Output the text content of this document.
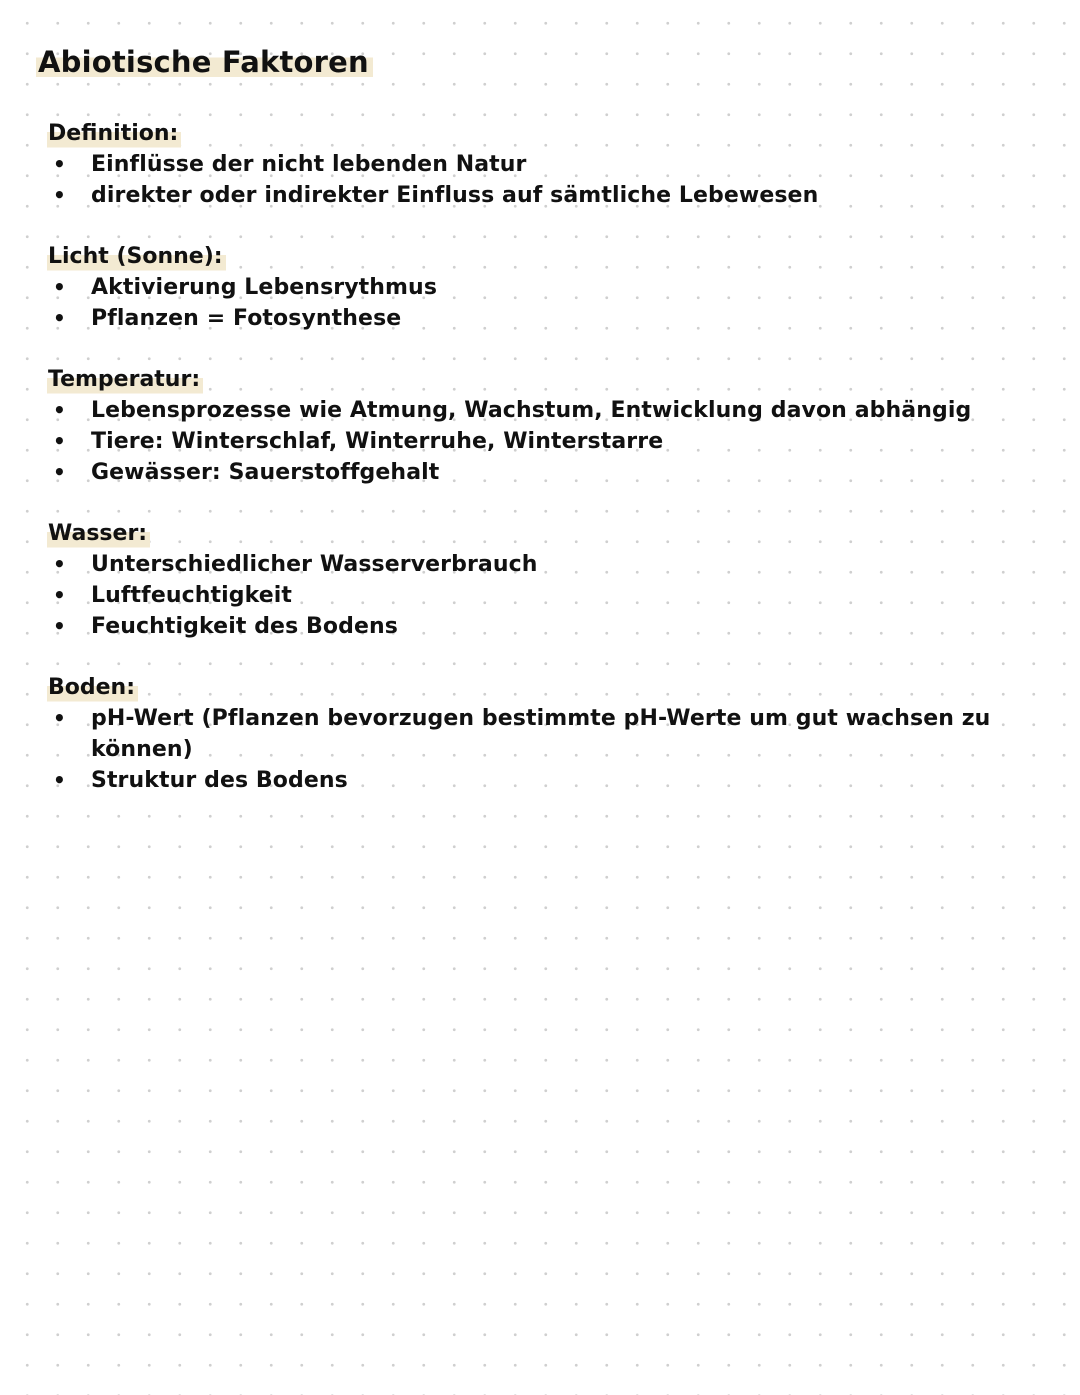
Abiotische Faktoren
Definition:
• Einflüsse der nicht lebenden Natur
• direkter oder indirekter Einfluss auf sämtliche Lebewesen
Licht (Sonne):
• Aktivierung Lebensrythmus
• Pflanzen = Fotosynthese
Temperatur:
• Lebensprozesse wie Atmung, Wachstum, Entwicklung davon abhängig
• Tiere: Winterschlaf, Winterruhe, Winterstarre
• Gewässer: Sauerstoffgehalt
Wasser:
• Unterschiedlicher Wasserverbrauch
• Luftfeuchtigkeit
• Feuchtigkeit des Bodens
Boden:
• pH-Wert (Pflanzen bevorzugen bestimmte pH-Werte um gut wachsen zu können)
• Struktur des Bodens
